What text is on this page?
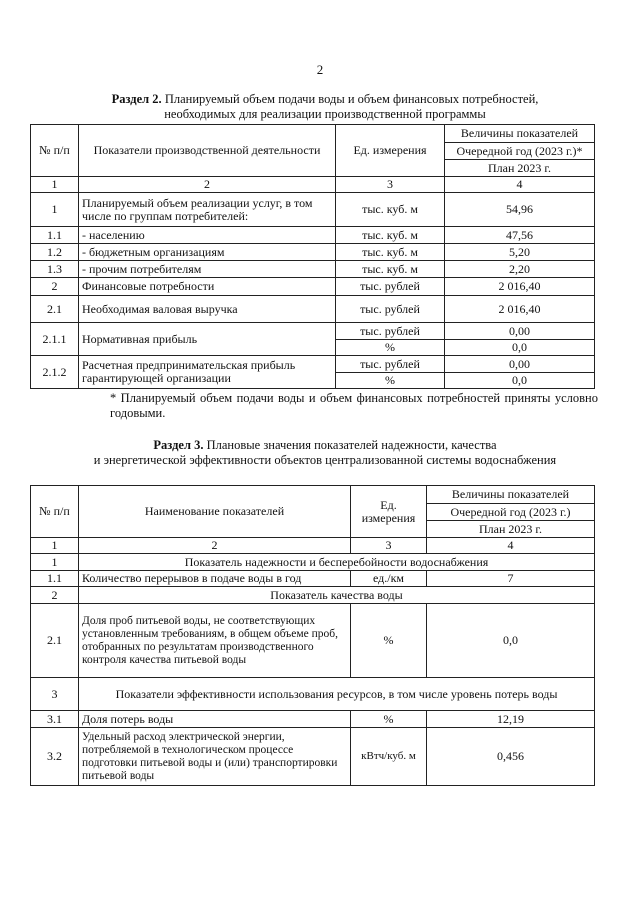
2
Раздел 2. Планируемый объем подачи воды и объем финансовых потребностей,
необходимых для реализации производственной программы
№ п/п	Показатели производственной деятельности	Ед. измерения	Величины показателей
			Очередной год (2023 г.)*
			План 2023 г.
1	2	3	4
1	Планируемый объем реализации услуг, в том числе по группам потребителей:	тыс. куб. м	54,96
1.1	- населению	тыс. куб. м	47,56
1.2	- бюджетным организациям	тыс. куб. м	5,20
1.3	- прочим потребителям	тыс. куб. м	2,20
2	Финансовые потребности	тыс. рублей	2 016,40
2.1	Необходимая валовая выручка	тыс. рублей	2 016,40
2.1.1	Нормативная прибыль	тыс. рублей	0,00
		%	0,0
2.1.2	Расчетная предпринимательская прибыль гарантирующей организации	тыс. рублей	0,00
		%	0,0
* Планируемый объем подачи воды и объем финансовых потребностей приняты условно годовыми.
Раздел 3. Плановые значения показателей надежности, качества
и энергетической эффективности объектов централизованной системы водоснабжения
№ п/п	Наименование показателей	Ед. измерения	Величины показателей
			Очередной год (2023 г.)
			План 2023 г.
1	2	3	4
1	Показатель надежности и бесперебойности водоснабжения		
1.1	Количество перерывов в подаче воды в год	ед./км	7
2	Показатель качества воды		
2.1	Доля проб питьевой воды, не соответствующих установленным требованиям, в общем объеме проб, отобранных по результатам производственного контроля качества питьевой воды	%	0,0
3	Показатели эффективности использования ресурсов, в том числе уровень потерь воды		
3.1	Доля потерь воды	%	12,19
3.2	Удельный расход электрической энергии, потребляемой в технологическом процессе подготовки питьевой воды и (или) транспортировки питьевой воды	кВтч/куб. м	0,456
